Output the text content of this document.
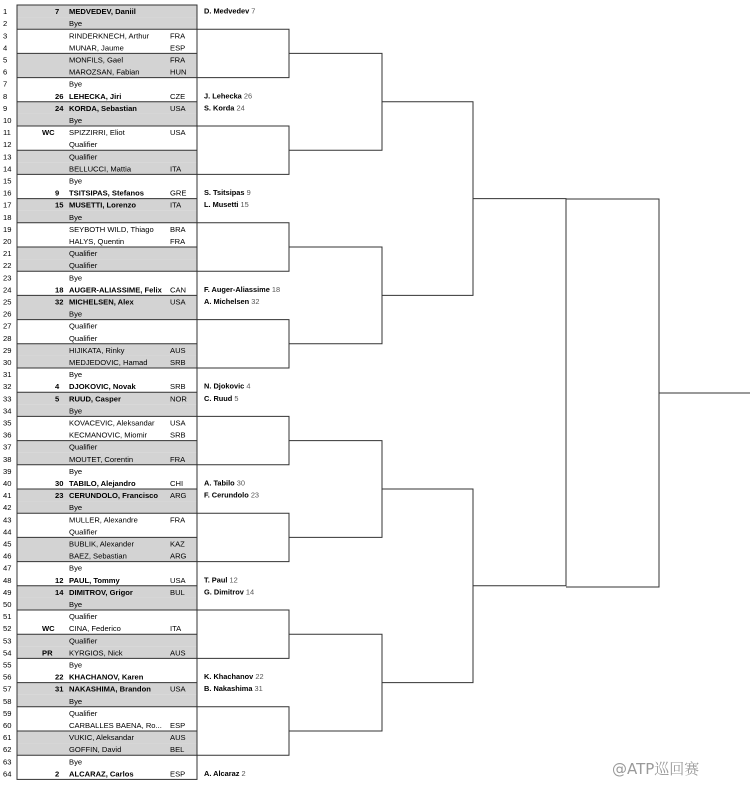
1	7 MEDVEDEV, Daniil
2	Bye
3	RINDERKNECH, Arthur	FRA
4	MUNAR, Jaume	ESP
5	MONFILS, Gael	FRA
6	MAROZSAN, Fabian	HUN
7	Bye
8	26 LEHECKA, Jiri	CZE
9	24 KORDA, Sebastian	USA
10	Bye
11	WC SPIZZIRRI, Eliot	USA
12	Qualifier
13	Qualifier
14	BELLUCCI, Mattia	ITA
15	Bye
16	9 TSITSIPAS, Stefanos	GRE
17	15 MUSETTI, Lorenzo	ITA
18	Bye
19	SEYBOTH WILD, Thiago BRA
20	HALYS, Quentin	FRA
21	Qualifier
22	Qualifier
23	Bye
24	18 AUGER-ALIASSIME, Felix CAN
25	32 MICHELSEN, Alex	USA
26	Bye
27	Qualifier
28	Qualifier
29	HIJIKATA, Rinky	AUS
30	MEDJEDOVIC, Hamad	SRB
31	Bye
32	4 DJOKOVIC, Novak	SRB
33	5 RUUD, Casper	NOR
34	Bye
35	KOVACEVIC, Aleksandar USA
36	KECMANOVIC, Miomir	SRB
37	Qualifier
38	MOUTET, Corentin	FRA
39	Bye
40	30 TABILO, Alejandro	CHI
41	23 CERUNDOLO, Francisco ARG
42	Bye
43	MULLER, Alexandre	FRA
44	Qualifier
45	BUBLIK, Alexander	KAZ
46	BAEZ, Sebastian	ARG
47	Bye
48	12 PAUL, Tommy	USA
49	14 DIMITROV, Grigor	BUL
50	Bye
51	Qualifier
52	WC CINA, Federico	ITA
53	Qualifier
54	PR KYRGIOS, Nick	AUS
55	Bye
56	22 KHACHANOV, Karen
57	31 NAKASHIMA, Brandon	USA
58	Bye
59	Qualifier
60	CARBALLES BAENA, Ro... ESP
61	VUKIC, Aleksandar	AUS
62	GOFFIN, David	BEL
63	Bye
64	2 ALCARAZ, Carlos	ESP
D. Medvedev 7
J. Lehecka 26
S. Korda 24
S. Tsitsipas 9
L. Musetti 15
F. Auger-Aliassime 18
A. Michelsen 32
N. Djokovic 4
C. Ruud 5
A. Tabilo 30
F. Cerundolo 23
T. Paul 12
G. Dimitrov 14
K. Khachanov 22
B. Nakashima 31
A. Alcaraz 2	@ATP巡回赛
